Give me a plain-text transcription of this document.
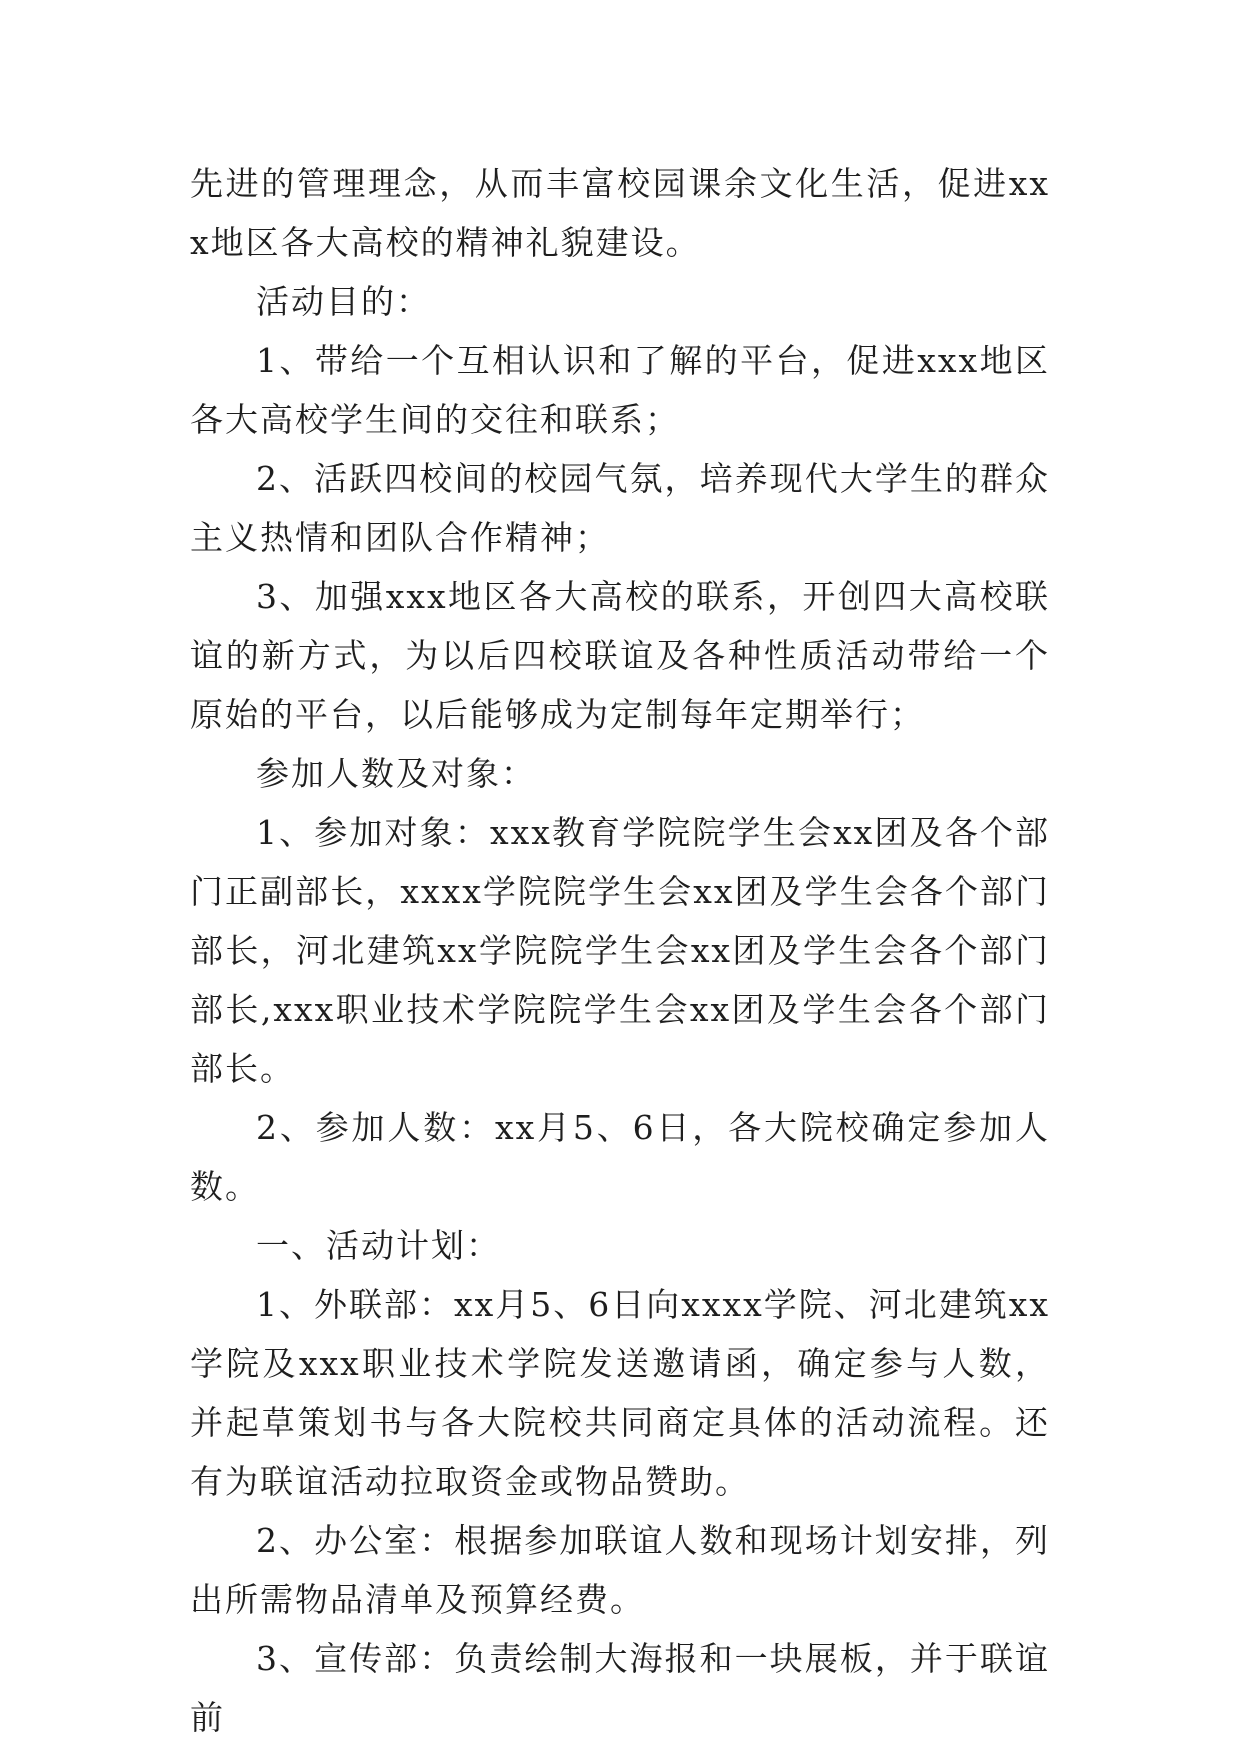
先进的管理理念，从而丰富校园课余文化生活，促进xxx地区各大高校的精神礼貌建设。

活动目的：

1、带给一个互相认识和了解的平台，促进xxx地区各大高校学生间的交往和联系；

2、活跃四校间的校园气氛，培养现代大学生的群众主义热情和团队合作精神；

3、加强xxx地区各大高校的联系，开创四大高校联谊的新方式，为以后四校联谊及各种性质活动带给一个原始的平台，以后能够成为定制每年定期举行；

参加人数及对象：

1、参加对象：xxx教育学院院学生会xx团及各个部门正副部长，xxxx学院院学生会xx团及学生会各个部门部长，河北建筑xx学院院学生会xx团及学生会各个部门部长,xxx职业技术学院院学生会xx团及学生会各个部门部长。

2、参加人数：xx月5、6日，各大院校确定参加人数。

一、活动计划：

1、外联部：xx月5、6日向xxxx学院、河北建筑xx学院及xxx职业技术学院发送邀请函，确定参与人数，并起草策划书与各大院校共同商定具体的活动流程。还有为联谊活动拉取资金或物品赞助。

2、办公室：根据参加联谊人数和现场计划安排，列出所需物品清单及预算经费。

3、宣传部：负责绘制大海报和一块展板，并于联谊前
